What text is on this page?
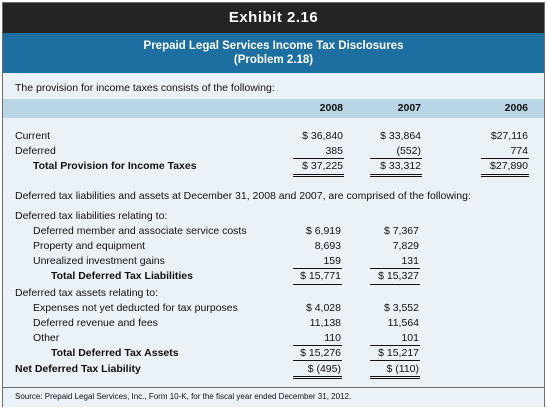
Exhibit 2.16
Prepaid Legal Services Income Tax Disclosures
(Problem 2.18)
The provision for income taxes consists of the following:
2008	2007	2006
Current	$ 36,840	$ 33,864	$27,116
Deferred	385	(552)	774
Total Provision for Income Taxes	$ 37,225	$ 33,312	$27,890
Deferred tax liabilities and assets at December 31, 2008 and 2007, are comprised of the following:
Deferred tax liabilities relating to:
Deferred member and associate service costs	$ 6,919	$ 7,367
Property and equipment	8,693	7,829
Unrealized investment gains	159	131
Total Deferred Tax Liabilities	$ 15,771	$ 15,327
Deferred tax assets relating to:
Expenses not yet deducted for tax purposes	$ 4,028	$ 3,552
Deferred revenue and fees	11,138	11,564
Other	110	101
Total Deferred Tax Assets	$ 15,276	$ 15,217
Net Deferred Tax Liability	$ (495)	$ (110)
Source: Prepaid Legal Services, Inc., Form 10-K, for the fiscal year ended December 31, 2012.
